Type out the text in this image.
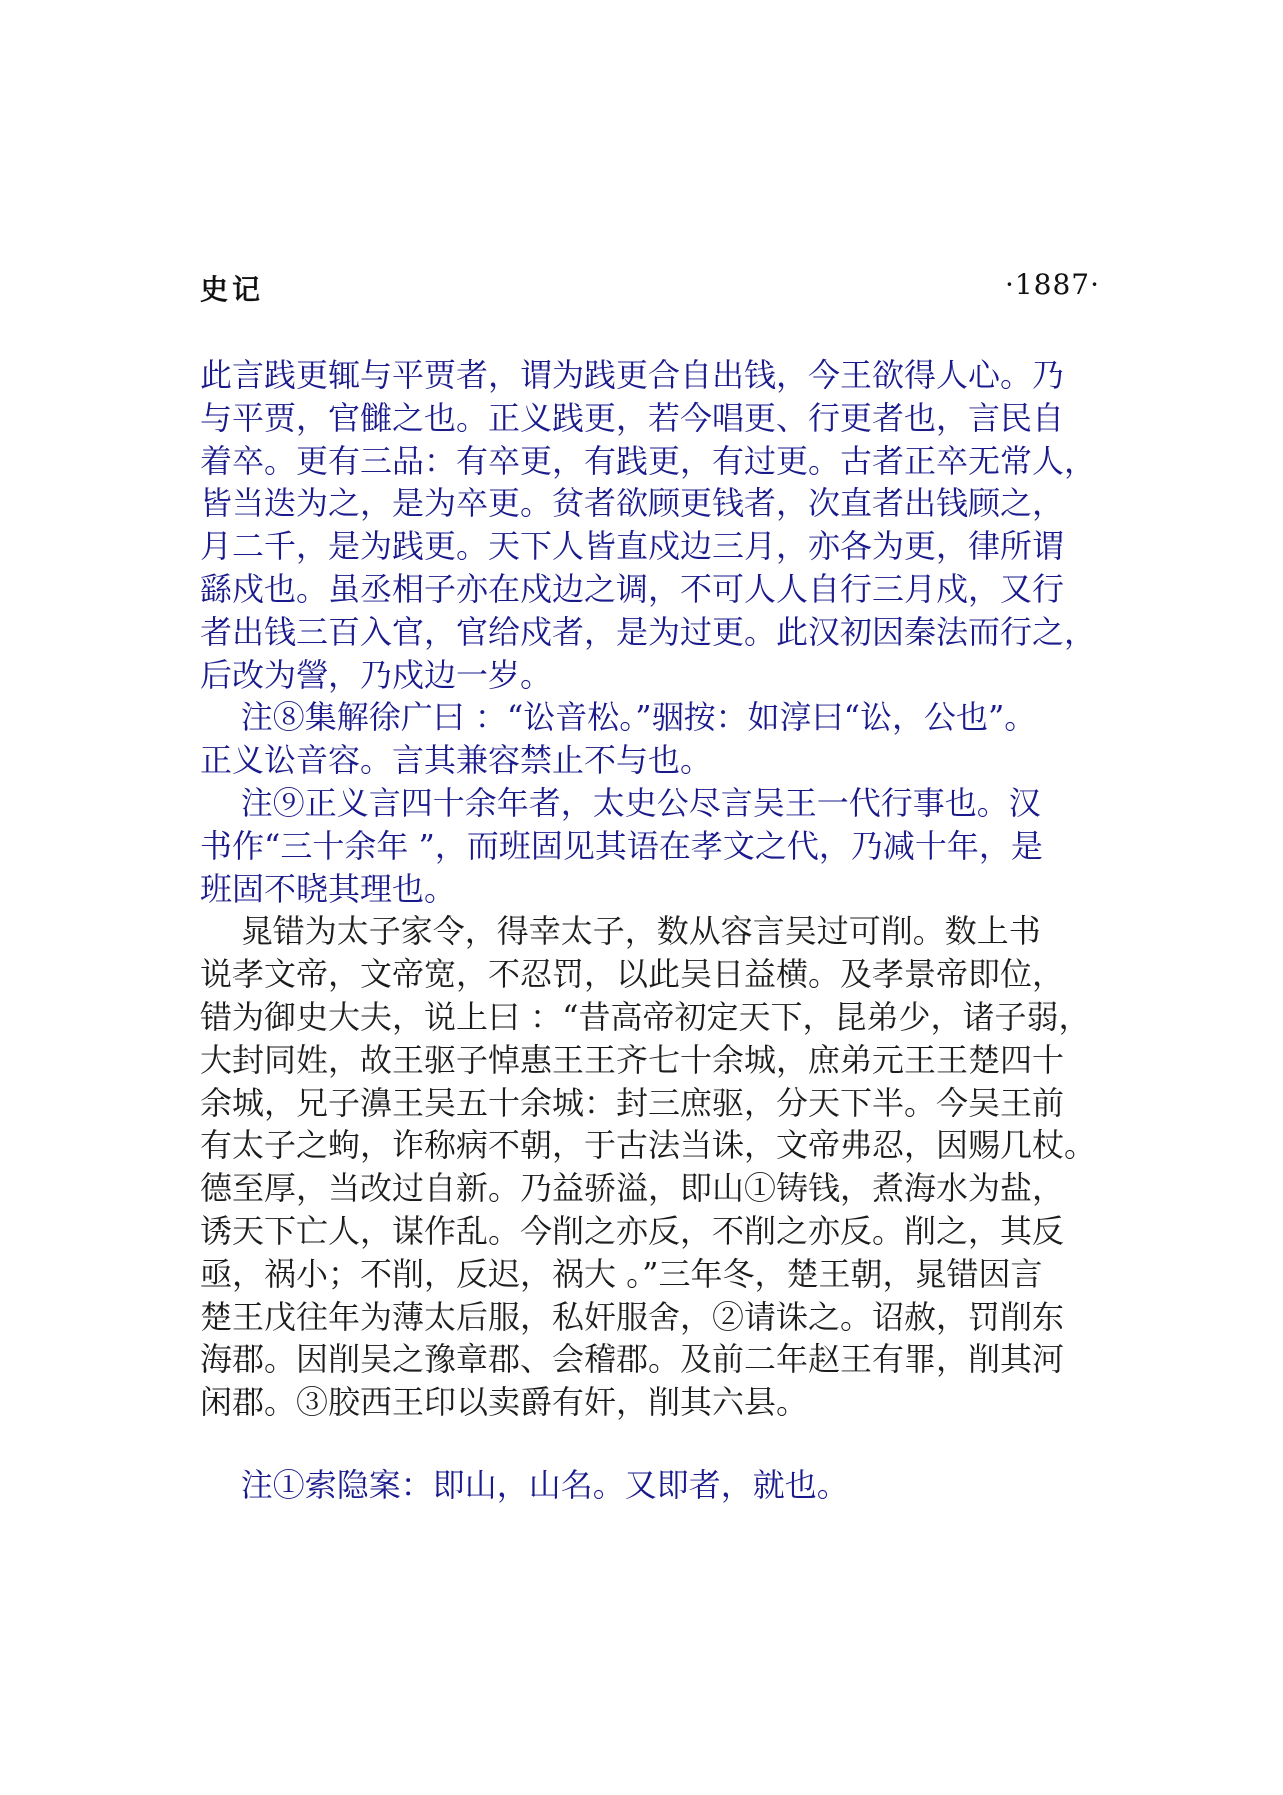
史记	·1887·

此言践更辄与平贾者，谓为践更合自出钱，今王欲得人心。乃
与平贾，官雠之也。正义践更，若今唱更、行更者也，言民自
着卒。更有三品：有卒更，有践更，有过更。古者正卒无常人，
皆当迭为之，是为卒更。贫者欲顾更钱者，次直者出钱顾之，
月二千，是为践更。天下人皆直戍边三月，亦各为更，律所谓
繇戍也。虽丞相子亦在戍边之调，不可人人自行三月戍，又行
者出钱三百入官，官给戍者，是为过更。此汉初因秦法而行之，
后改为謍，乃戍边一岁。

注⑧集解徐广曰 ：“讼音松。”骃按：如淳曰“讼，公也”。
正义讼音容。言其兼容禁止不与也。

注⑨正义言四十余年者，太史公尽言吴王一代行事也。汉
书作“三十余年 ”，而班固见其语在孝文之代，乃减十年，是
班固不晓其理也。

晁错为太子家令，得幸太子，数从容言吴过可削。数上书
说孝文帝，文帝宽，不忍罚，以此吴日益横。及孝景帝即位，
错为御史大夫，说上曰 ：“昔高帝初定天下，昆弟少，诸子弱，
大封同姓，故王驱子悼惠王王齐七十余城，庶弟元王王楚四十
余城，兄子濞王吴五十余城：封三庶驱，分天下半。今吴王前
有太子之蚼，诈称病不朝，于古法当诛，文帝弗忍，因赐几杖。
德至厚，当改过自新。乃益骄溢，即山①铸钱，煮海水为盐，
诱天下亡人，谋作乱。今削之亦反，不削之亦反。削之，其反
亟，祸小；不削，反迟，祸大 。”三年冬，楚王朝，晁错因言
楚王戊往年为薄太后服，私奸服舍，②请诛之。诏赦，罚削东
海郡。因削吴之豫章郡、会稽郡。及前二年赵王有罪，削其河
闲郡。③胶西王印以卖爵有奸，削其六县。

注①索隐案：即山，山名。又即者，就也。
